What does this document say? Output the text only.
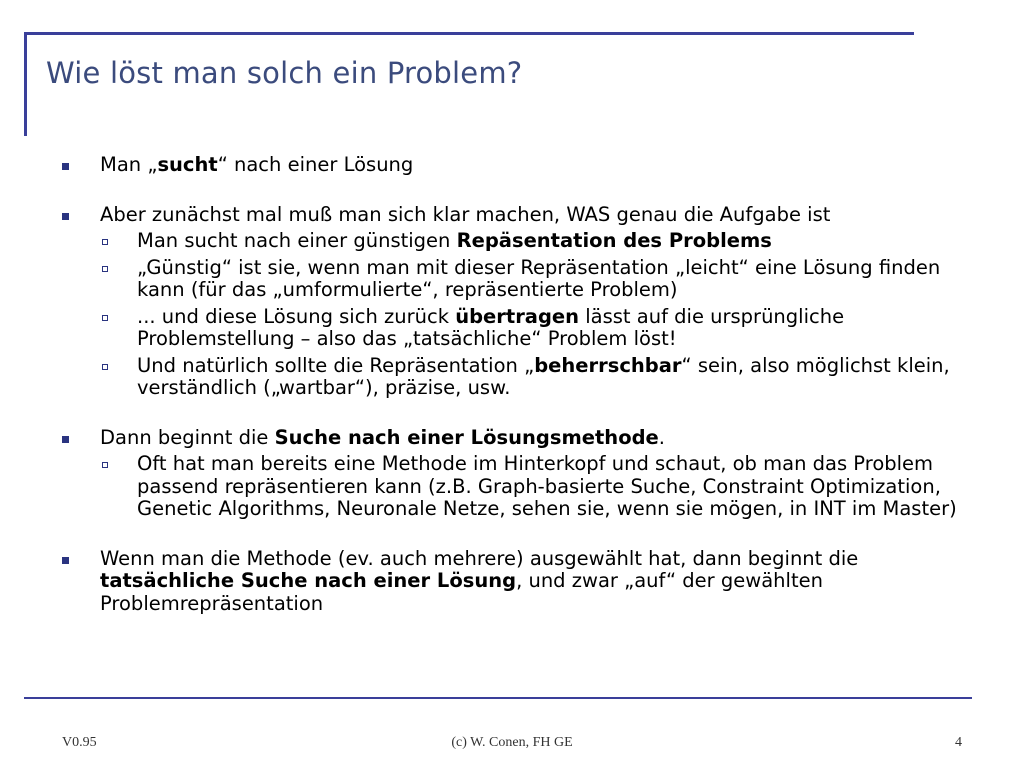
Wie löst man solch ein Problem?
Man „sucht“ nach einer Lösung
Aber zunächst mal muß man sich klar machen, WAS genau die Aufgabe ist
Man sucht nach einer günstigen Repäsentation des Problems
„Günstig“ ist sie, wenn man mit dieser Repräsentation „leicht“ eine Lösung finden kann (für das „umformulierte“, repräsentierte Problem)
... und diese Lösung sich zurück übertragen lässt auf die ursprüngliche Problemstellung – also das „tatsächliche“ Problem löst!
Und natürlich sollte die Repräsentation „beherrschbar“ sein, also möglichst klein, verständlich („wartbar“), präzise, usw.
Dann beginnt die Suche nach einer Lösungsmethode.
Oft hat man bereits eine Methode im Hinterkopf und schaut, ob man das Problem passend repräsentieren kann (z.B. Graph-basierte Suche, Constraint Optimization, Genetic Algorithms, Neuronale Netze, sehen sie, wenn sie mögen, in INT im Master)
Wenn man die Methode (ev. auch mehrere) ausgewählt hat, dann beginnt die tatsächliche Suche nach einer Lösung, und zwar „auf“ der gewählten Problemrepräsentation
V0.95	(c) W. Conen, FH GE	4
